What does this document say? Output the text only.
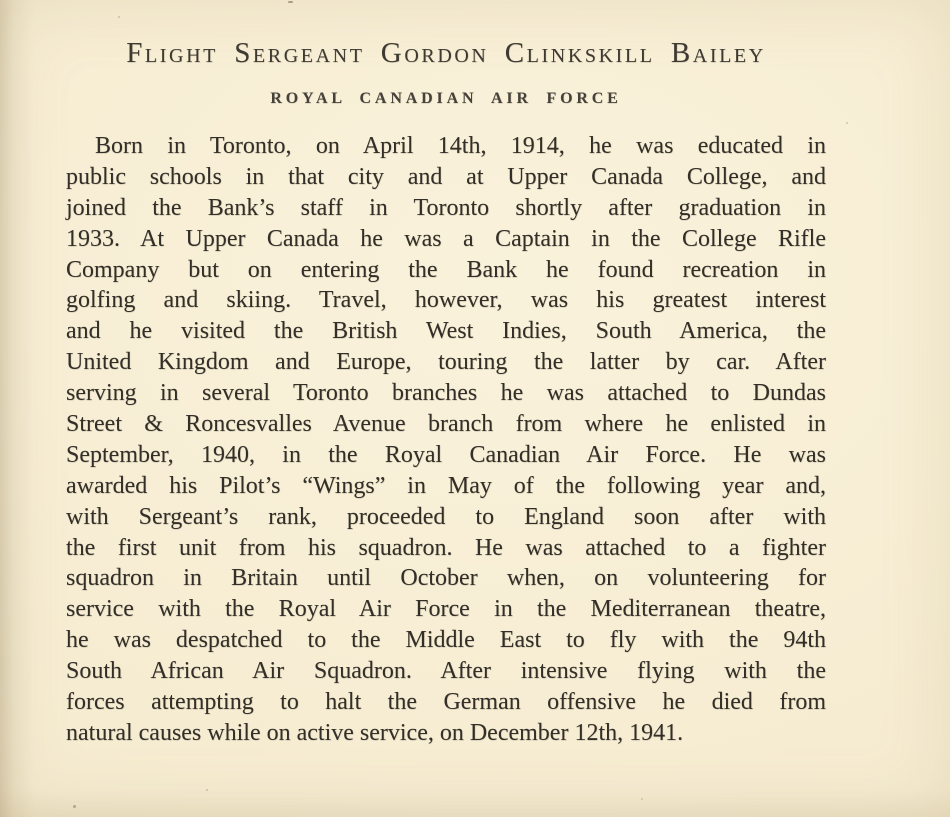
Flight Sergeant Gordon Clinkskill Bailey
ROYAL CANADIAN AIR FORCE
Born in Toronto, on April 14th, 1914, he was educated in
public schools in that city and at Upper Canada College, and
joined the Bank’s staff in Toronto shortly after graduation in
1933. At Upper Canada he was a Captain in the College Rifle
Company but on entering the Bank he found recreation in
golfing and skiing. Travel, however, was his greatest interest
and he visited the British West Indies, South America, the
United Kingdom and Europe, touring the latter by car. After
serving in several Toronto branches he was attached to Dundas
Street & Roncesvalles Avenue branch from where he enlisted in
September, 1940, in the Royal Canadian Air Force. He was
awarded his Pilot’s “Wings” in May of the following year and,
with Sergeant’s rank, proceeded to England soon after with
the first unit from his squadron. He was attached to a fighter
squadron in Britain until October when, on volunteering for
service with the Royal Air Force in the Mediterranean theatre,
he was despatched to the Middle East to fly with the 94th
South African Air Squadron. After intensive flying with the
forces attempting to halt the German offensive he died from
natural causes while on active service, on December 12th, 1941.
